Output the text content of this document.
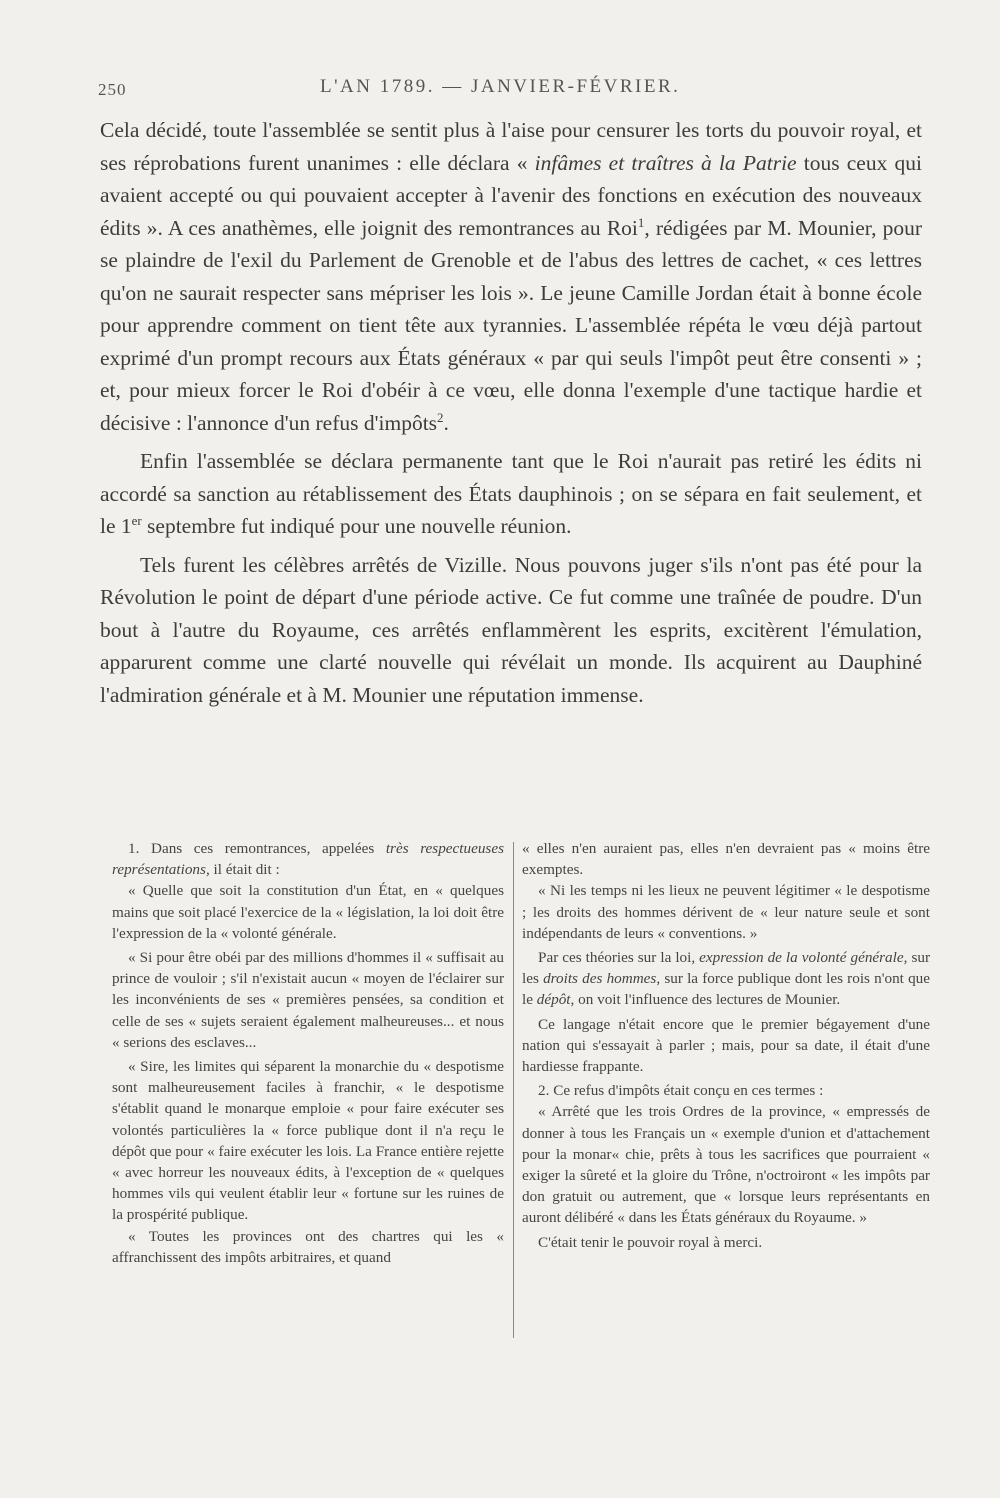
250	L'AN 1789. — JANVIER-FÉVRIER.

Cela décidé, toute l'assemblée se sentit plus à l'aise pour censurer les torts du pouvoir royal, et ses réprobations furent unanimes : elle déclara « infâmes et traîtres à la Patrie tous ceux qui avaient accepté ou qui pouvaient accepter à l'avenir des fonctions en exécution des nouveaux édits ». A ces anathèmes, elle joignit des remontrances au Roi$^1$, rédigées par M. Mounier, pour se plaindre de l'exil du Parlement de Grenoble et de l'abus des lettres de cachet, « ces lettres qu'on ne saurait respecter sans mépriser les lois ». Le jeune Camille Jordan était à bonne école pour apprendre comment on tient tête aux tyrannies. L'assemblée répéta le vœu déjà partout exprimé d'un prompt recours aux États généraux « par qui seuls l'impôt peut être consenti » ; et, pour mieux forcer le Roi d'obéir à ce vœu, elle donna l'exemple d'une tactique hardie et décisive : l'annonce d'un refus d'impôts$^2$.

Enfin l'assemblée se déclara permanente tant que le Roi n'aurait pas retiré les édits ni accordé sa sanction au rétablissement des États dauphinois ; on se sépara en fait seulement, et le 1er septembre fut indiqué pour une nouvelle réunion.

Tels furent les célèbres arrêtés de Vizille. Nous pouvons juger s'ils n'ont pas été pour la Révolution le point de départ d'une période active. Ce fut comme une traînée de poudre. D'un bout à l'autre du Royaume, ces arrêtés enflammèrent les esprits, excitèrent l'émulation, apparurent comme une clarté nouvelle qui révélait un monde. Ils acquirent au Dauphiné l'admiration générale et à M. Mounier une réputation immense.

1. Dans ces remontrances, appelées très respectueuses représentations, il était dit :

« Quelle que soit la constitution d'un État, en « quelques mains que soit placé l'exercice de la « législation, la loi doit être l'expression de la « volonté générale.

« Si pour être obéi par des millions d'hommes il « suffisait au prince de vouloir ; s'il n'existait aucun « moyen de l'éclairer sur les inconvénients de ses « premières pensées, sa condition et celle de ses « sujets seraient également malheureuses... et nous « serions des esclaves...

« Sire, les limites qui séparent la monarchie du « despotisme sont malheureusement faciles à franchir, « le despotisme s'établit quand le monarque emploie « pour faire exécuter ses volontés particulières la « force publique dont il n'a reçu le dépôt que pour « faire exécuter les lois. La France entière rejette « avec horreur les nouveaux édits, à l'exception de « quelques hommes vils qui veulent établir leur « fortune sur les ruines de la prospérité publique.

« Toutes les provinces ont des chartres qui les « affranchissent des impôts arbitraires, et quand

« elles n'en auraient pas, elles n'en devraient pas « moins être exemptes.

« Ni les temps ni les lieux ne peuvent légitimer « le despotisme ; les droits des hommes dérivent de « leur nature seule et sont indépendants de leurs « conventions. »

Par ces théories sur la loi, expression de la volonté générale, sur les droits des hommes, sur la force publique dont les rois n'ont que le dépôt, on voit l'influence des lectures de Mounier.

Ce langage n'était encore que le premier bégayement d'une nation qui s'essayait à parler ; mais, pour sa date, il était d'une hardiesse frappante.

2. Ce refus d'impôts était conçu en ces termes :

« Arrêté que les trois Ordres de la province, « empressés de donner à tous les Français un « exemple d'union et d'attachement pour la monar« chie, prêts à tous les sacrifices que pourraient « exiger la sûreté et la gloire du Trône, n'octroiront « les impôts par don gratuit ou autrement, que « lorsque leurs représentants en auront délibéré « dans les États généraux du Royaume. »

C'était tenir le pouvoir royal à merci.
